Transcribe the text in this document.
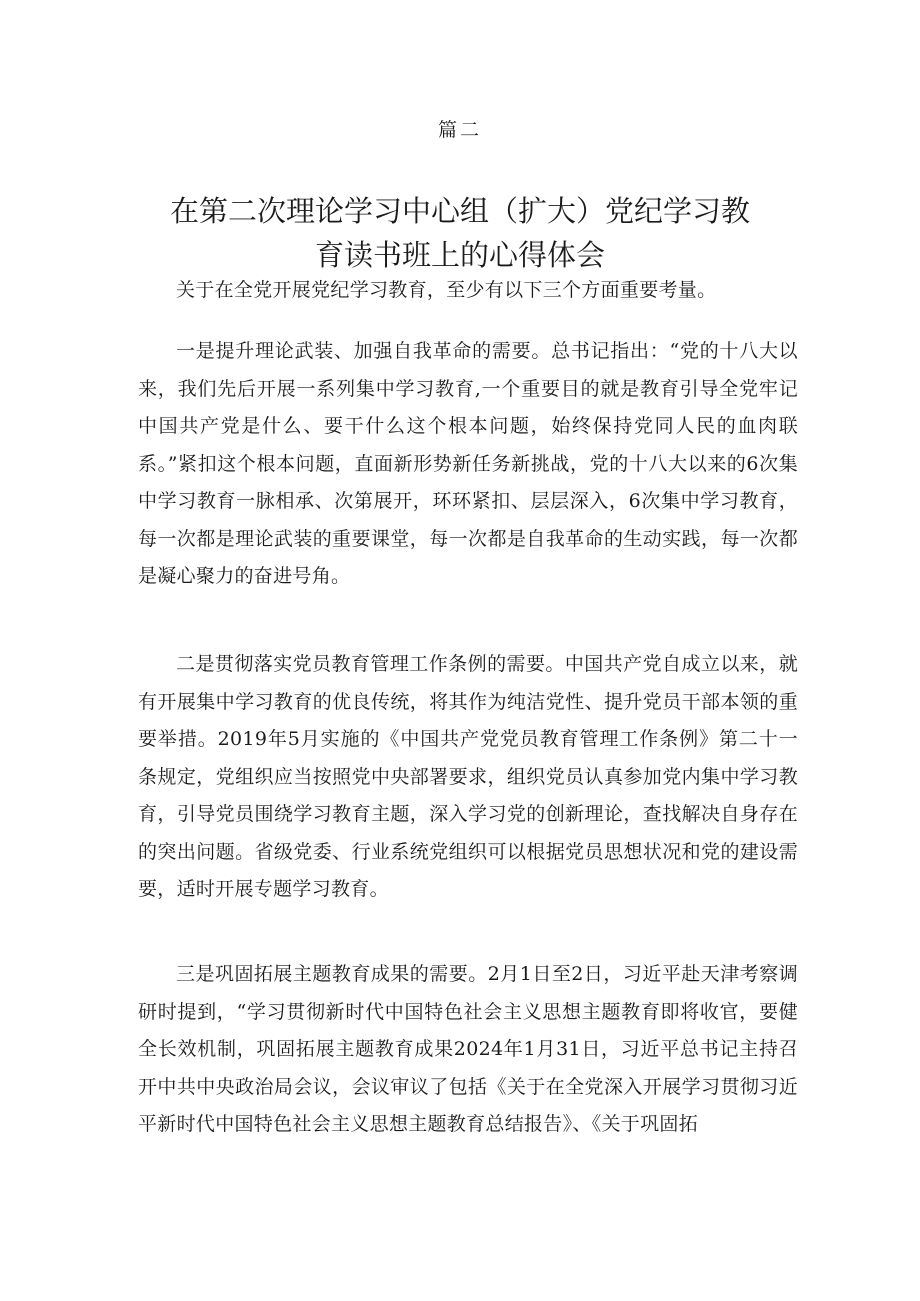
篇二
在第二次理论学习中心组（扩大）党纪学习教
育读书班上的心得体会

关于在全党开展党纪学习教育，至少有以下三个方面重要考量。

一是提升理论武装、加强自我革命的需要。总书记指出：“党的十八大以来，我们先后开展一系列集中学习教育,一个重要目的就是教育引导全党牢记中国共产党是什么、要干什么这个根本问题，始终保持党同人民的血肉联系。”紧扣这个根本问题，直面新形势新任务新挑战，党的十八大以来的6次集中学习教育一脉相承、次第展开，环环紧扣、层层深入，6次集中学习教育，每一次都是理论武装的重要课堂，每一次都是自我革命的生动实践，每一次都是凝心聚力的奋进号角。

二是贯彻落实党员教育管理工作条例的需要。中国共产党自成立以来，就有开展集中学习教育的优良传统，将其作为纯洁党性、提升党员干部本领的重要举措。2019年5月实施的《中国共产党党员教育管理工作条例》第二十一条规定，党组织应当按照党中央部署要求，组织党员认真参加党内集中学习教育，引导党员围绕学习教育主题，深入学习党的创新理论，查找解决自身存在的突出问题。省级党委、行业系统党组织可以根据党员思想状况和党的建设需要，适时开展专题学习教育。

三是巩固拓展主题教育成果的需要。2月1日至2日，习近平赴天津考察调研时提到，“学习贯彻新时代中国特色社会主义思想主题教育即将收官，要健全长效机制，巩固拓展主题教育成果2024年1月31日，习近平总书记主持召开中共中央政治局会议，会议审议了包括《关于在全党深入开展学习贯彻习近平新时代中国特色社会主义思想主题教育总结报告》、《关于巩固拓
